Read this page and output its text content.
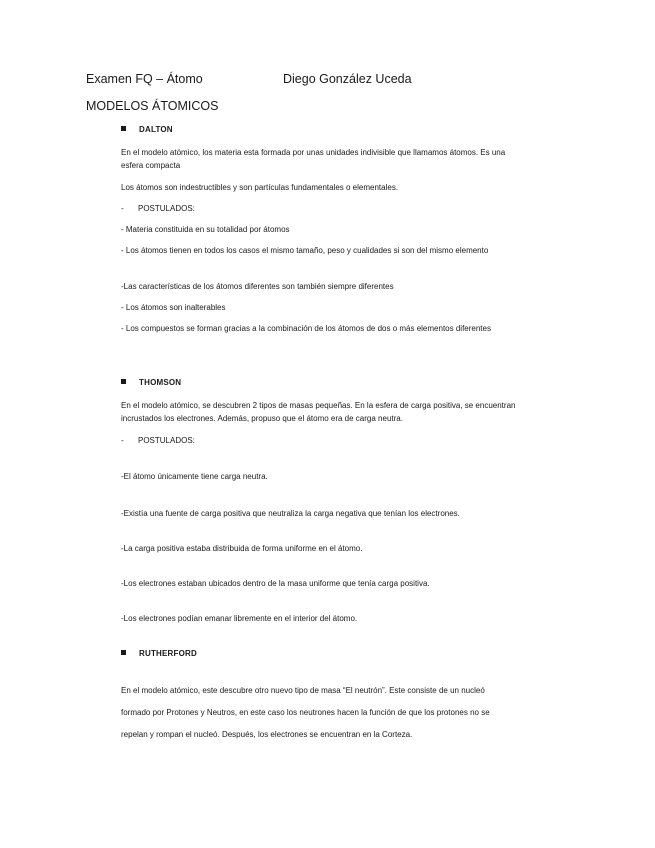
Examen FQ – Átomo	Diego González Uceda
MODELOS ÁTOMICOS
DALTON
En el modelo atómico, los materia esta formada por unas unidades indivisible que llamamos átomos. Es una esfera compacta
Los átomos son indestructibles y son partículas fundamentales o elementales.
- POSTULADOS:
- Materia constituida en su totalidad por átomos
- Los átomos tienen en todos los casos el mismo tamaño, peso y cualidades si son del mismo elemento
-Las características de los átomos diferentes son también siempre diferentes
- Los átomos son inalterables
- Los compuestos se forman gracias a la combinación de los átomos de dos o más elementos diferentes
THOMSON
En el modelo atómico, se descubren 2 tipos de masas pequeñas. En la esfera de carga positiva, se encuentran incrustados los electrones. Además, propuso que el átomo era de carga neutra.
- POSTULADOS:
-El átomo únicamente tiene carga neutra.
-Existía una fuente de carga positiva que neutraliza la carga negativa que tenían los electrones.
-La carga positiva estaba distribuida de forma uniforme en el átomo.
-Los electrones estaban ubicados dentro de la masa uniforme que tenía carga positiva.
-Los electrones podían emanar libremente en el interior del átomo.
RUTHERFORD
En el modelo atómico, este descubre otro nuevo tipo de masa “El neutrón”. Este consiste de un nucleó formado por Protones y Neutros, en este caso los neutrones hacen la función de que los protones no se repelan y rompan el nucleó. Después, los electrones se encuentran en la Corteza.
